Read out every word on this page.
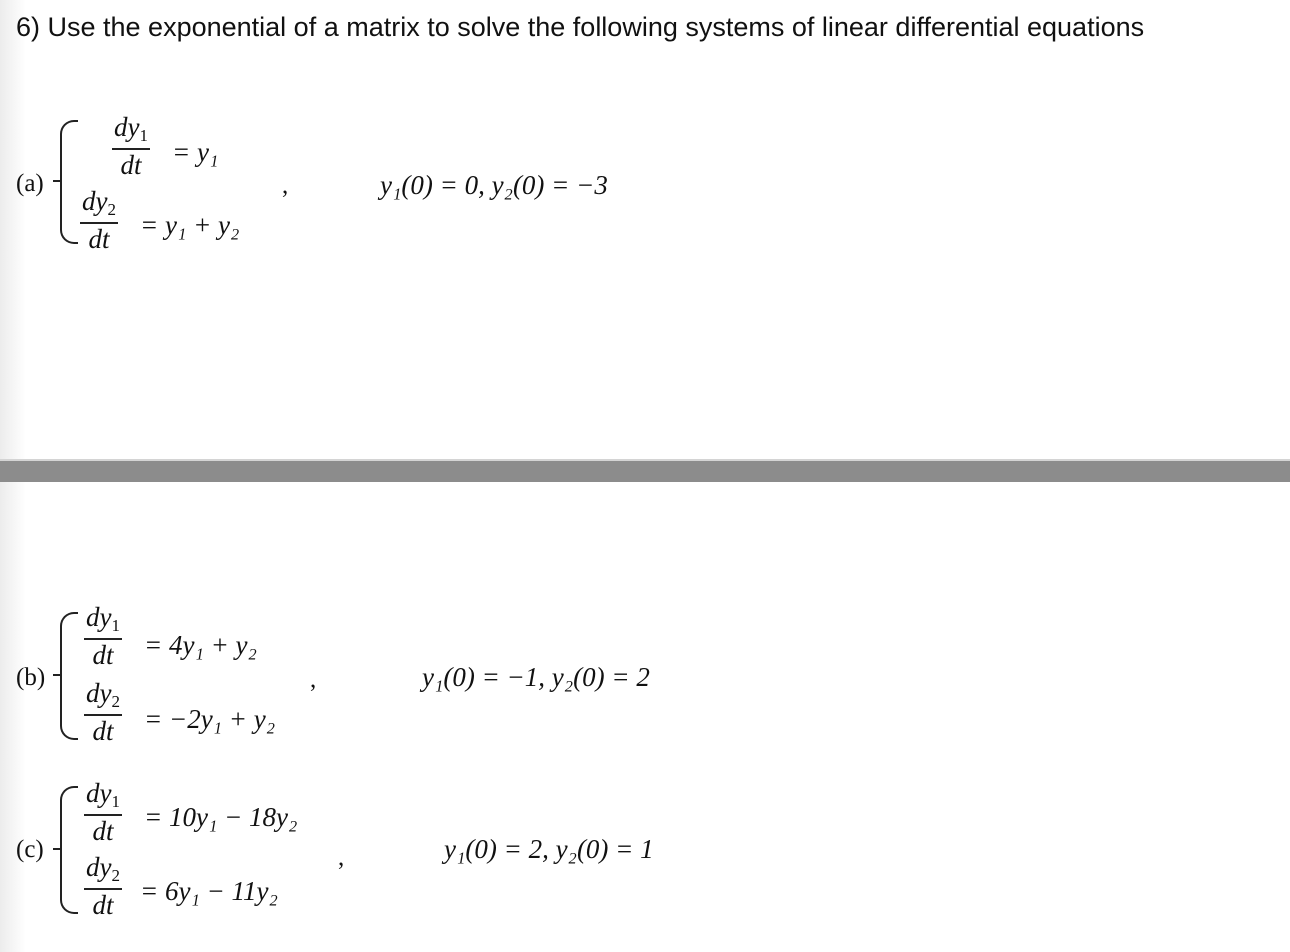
6) Use the exponential of a matrix to solve the following systems of linear differential equations
(a)
$\frac{dy_1}{dt} = y_1$
$\frac{dy_2}{dt} = y_1 + y_2$
,	y₁(0) = 0, y₂(0) = −3
(b)
$\frac{dy_1}{dt} = 4y_1 + y_2$
$\frac{dy_2}{dt} = -2y_1 + y_2$
,	y₁(0) = −1, y₂(0) = 2
(c)
$\frac{dy_1}{dt} = 10y_1 - 18y_2$
$\frac{dy_2}{dt} = 6y_1 - 11y_2$
,	y₁(0) = 2, y₂(0) = 1
